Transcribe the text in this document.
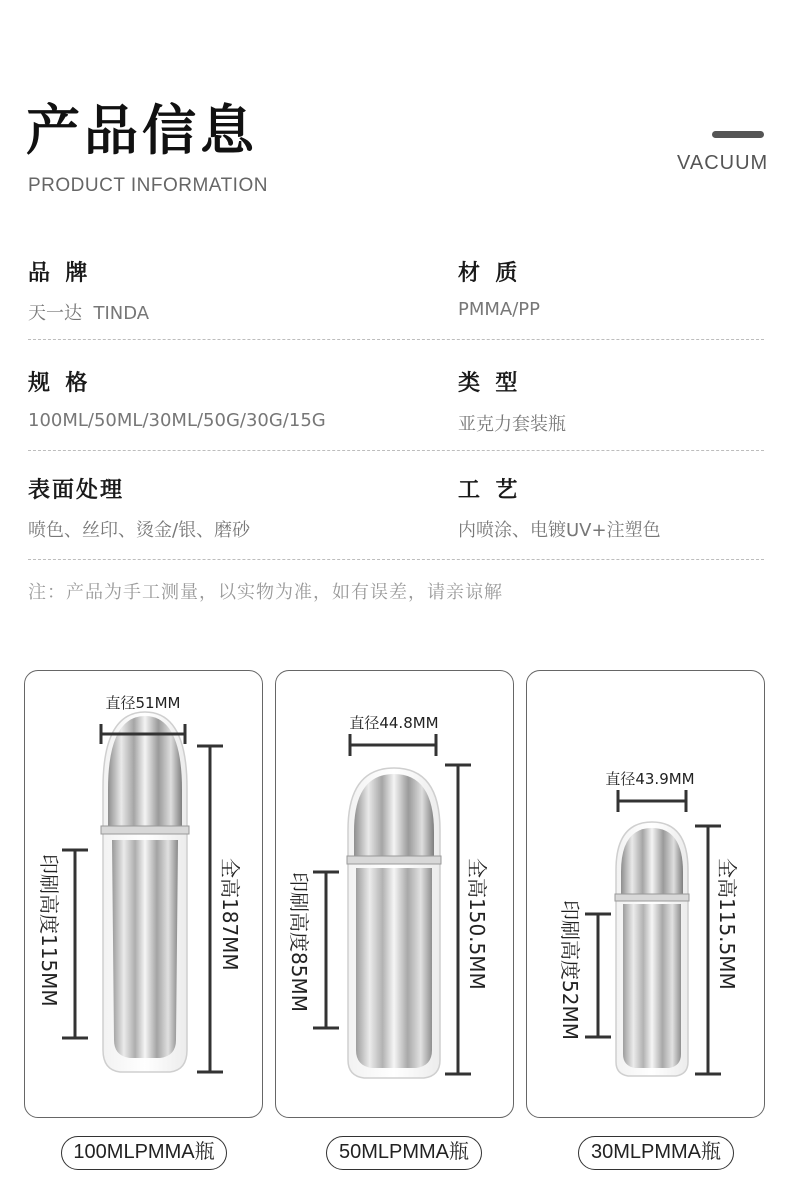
产品信息
PRODUCT INFORMATION
VACUUM
品  牌
天一达  TINDA
材  质
PMMA/PP
规  格
100ML/50ML/30ML/50G/30G/15G
类  型
亚克力套装瓶
表面处理
喷色、丝印、烫金/银、磨砂
工  艺
内喷涂、电镀UV+注塑色
注：产品为手工测量，以实物为准，如有误差，请亲谅解
直径51MM
全高187MM
印刷高度115MM
直径44.8MM
全高150.5MM
印刷高度85MM
直径43.9MM
全高115.5MM
印刷高度52MM
100MLPMMA瓶	50MLPMMA瓶	30MLPMMA瓶
